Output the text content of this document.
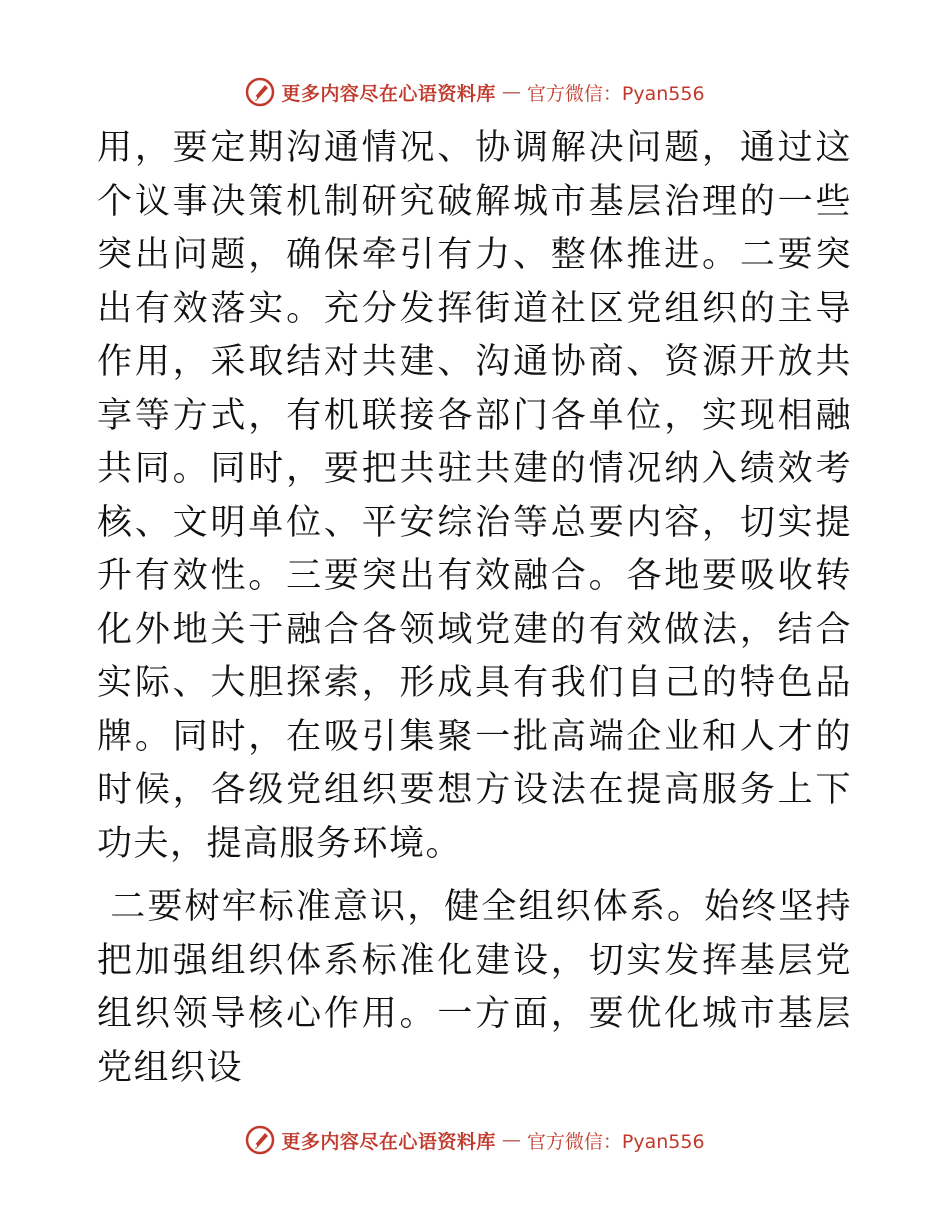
更多内容尽在心语资料库 — 官方微信：Pyan556

用，要定期沟通情况、协调解决问题，通过这个议事决策机制研究破解城市基层治理的一些突出问题，确保牵引有力、整体推进。二要突出有效落实。充分发挥街道社区党组织的主导作用，采取结对共建、沟通协商、资源开放共享等方式，有机联接各部门各单位，实现相融共同。同时，要把共驻共建的情况纳入绩效考核、文明单位、平安综治等总要内容，切实提升有效性。三要突出有效融合。各地要吸收转化外地关于融合各领域党建的有效做法，结合实际、大胆探索，形成具有我们自己的特色品牌。同时，在吸引集聚一批高端企业和人才的时候，各级党组织要想方设法在提高服务上下功夫，提高服务环境。

二要树牢标准意识，健全组织体系。始终坚持把加强组织体系标准化建设，切实发挥基层党组织领导核心作用。一方面，要优化城市基层党组织设

更多内容尽在心语资料库 — 官方微信：Pyan556
